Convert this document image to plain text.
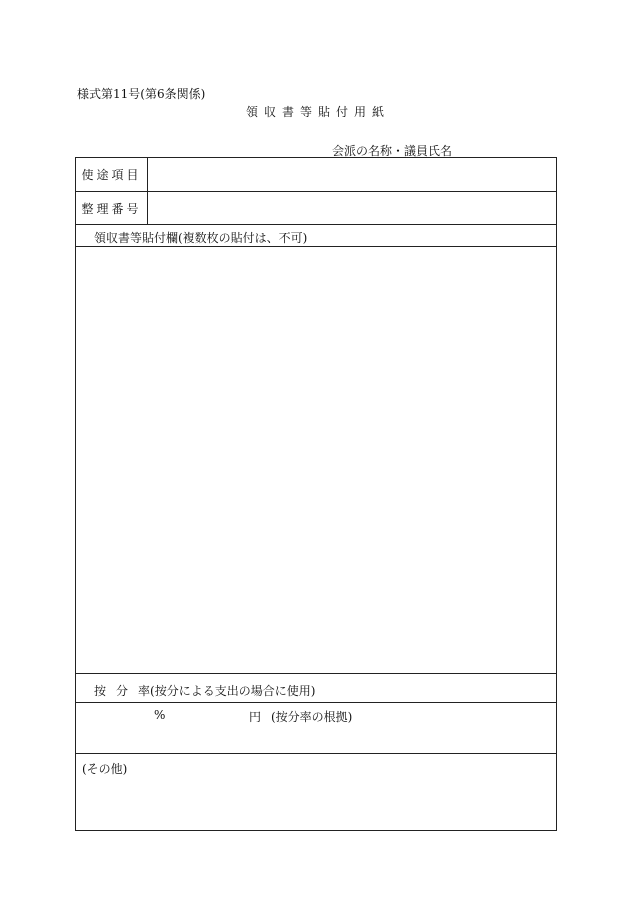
様式第11号(第6条関係)
領収書等貼付用紙
会派の名称・議員氏名
使途項目
整理番号
領収書等貼付欄(複数枚の貼付は、不可)
按分率(按分による支出の場合に使用)
%	円 (按分率の根拠)
(その他)
